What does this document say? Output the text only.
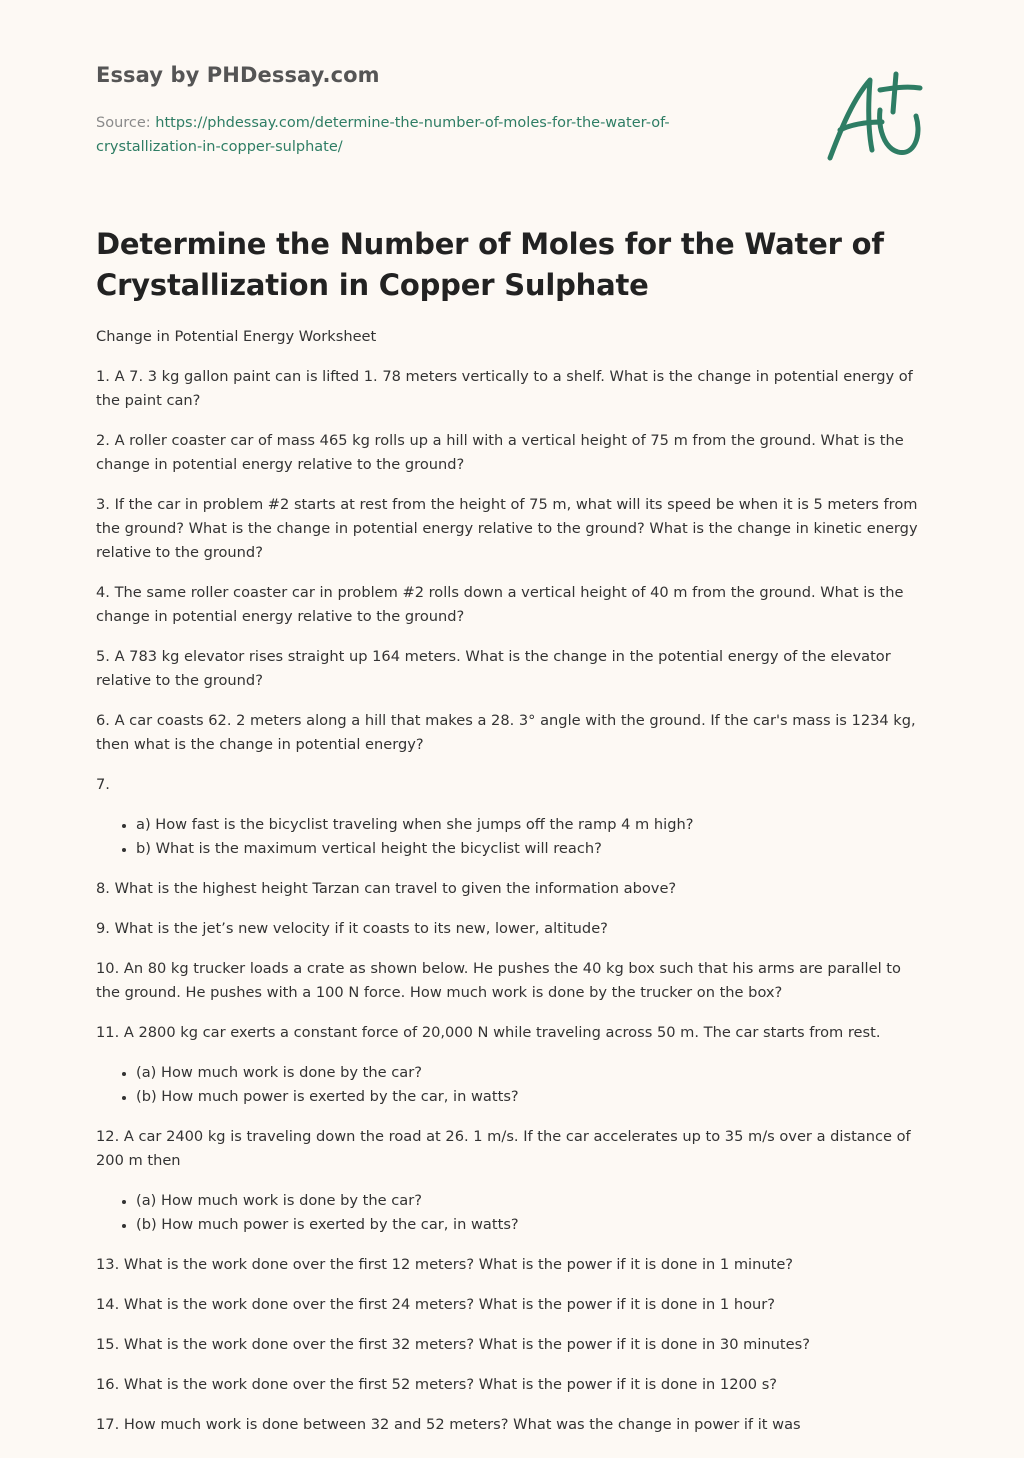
Essay by PHDessay.com
Source: https://phdessay.com/determine-the-number-of-moles-for-the-water-of-crystallization-in-copper-sulphate/
Determine the Number of Moles for the Water of Crystallization in Copper Sulphate

Change in Potential Energy Worksheet

1. A 7. 3 kg gallon paint can is lifted 1. 78 meters vertically to a shelf. What is the change in potential energy of the paint can?

2. A roller coaster car of mass 465 kg rolls up a hill with a vertical height of 75 m from the ground. What is the change in potential energy relative to the ground?

3. If the car in problem #2 starts at rest from the height of 75 m, what will its speed be when it is 5 meters from the ground? What is the change in potential energy relative to the ground? What is the change in kinetic energy relative to the ground?

4. The same roller coaster car in problem #2 rolls down a vertical height of 40 m from the ground. What is the change in potential energy relative to the ground?

5. A 783 kg elevator rises straight up 164 meters. What is the change in the potential energy of the elevator relative to the ground?

6. A car coasts 62. 2 meters along a hill that makes a 28. 3° angle with the ground. If the car's mass is 1234 kg, then what is the change in potential energy?

7.

• a) How fast is the bicyclist traveling when she jumps off the ramp 4 m high?
• b) What is the maximum vertical height the bicyclist will reach?

8. What is the highest height Tarzan can travel to given the information above?

9. What is the jet’s new velocity if it coasts to its new, lower, altitude?

10. An 80 kg trucker loads a crate as shown below. He pushes the 40 kg box such that his arms are parallel to the ground. He pushes with a 100 N force. How much work is done by the trucker on the box?

11. A 2800 kg car exerts a constant force of 20,000 N while traveling across 50 m. The car starts from rest.

• (a) How much work is done by the car?
• (b) How much power is exerted by the car, in watts?

12. A car 2400 kg is traveling down the road at 26. 1 m/s. If the car accelerates up to 35 m/s over a distance of 200 m then

• (a) How much work is done by the car?
• (b) How much power is exerted by the car, in watts?

13. What is the work done over the first 12 meters? What is the power if it is done in 1 minute?

14. What is the work done over the first 24 meters? What is the power if it is done in 1 hour?

15. What is the work done over the first 32 meters? What is the power if it is done in 30 minutes?

16. What is the work done over the first 52 meters? What is the power if it is done in 1200 s?

17. How much work is done between 32 and 52 meters? What was the change in power if it was
